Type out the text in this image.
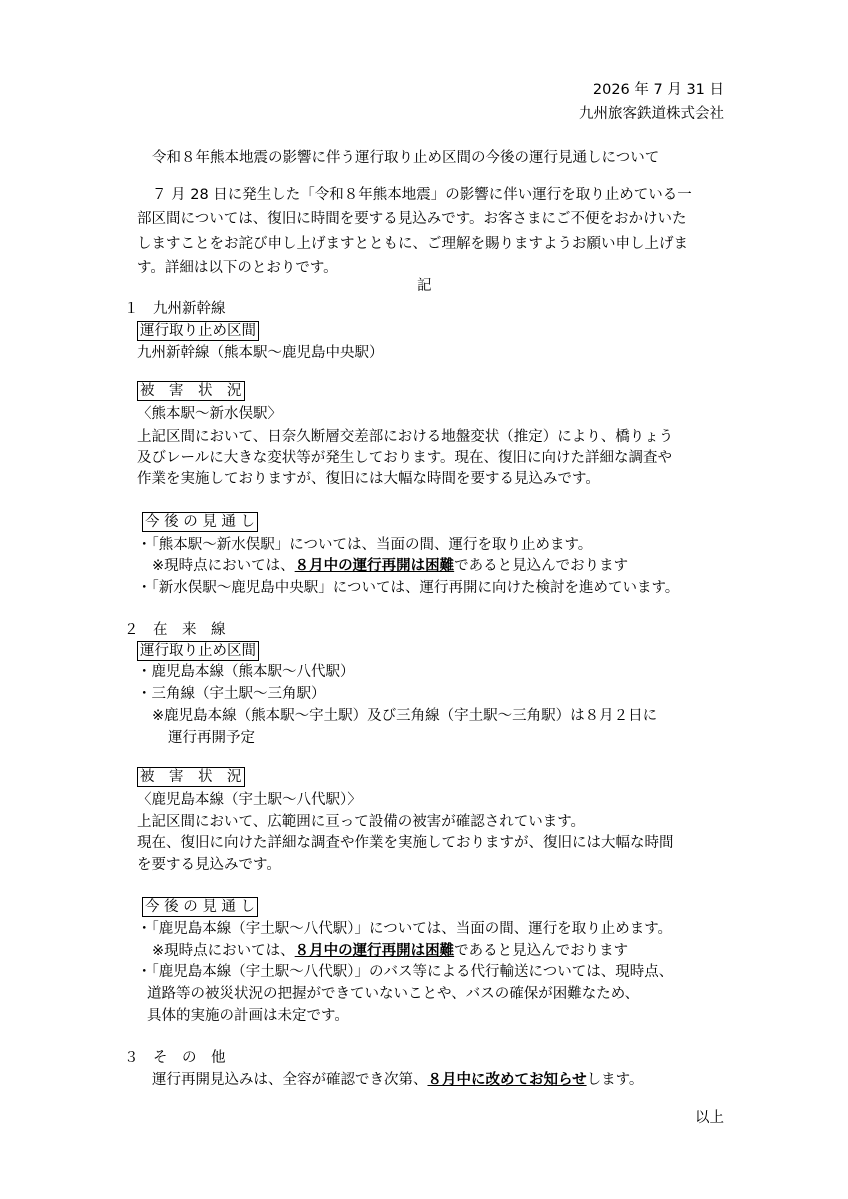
2026 年 7 月 31 日
九州旅客鉄道株式会社
令和８年熊本地震の影響に伴う運行取り止め区間の今後の運行見通しについて
７ 月 28 日に発生した「令和８年熊本地震」の影響に伴い運行を取り止めている一
部区間については、復旧に時間を要する見込みです。お客さまにご不便をおかけいた
しますことをお詫び申し上げますとともに、ご理解を賜りますようお願い申し上げま
す。詳細は以下のとおりです。
記
１　九州新幹線
運行取り止め区間
九州新幹線（熊本駅～鹿児島中央駅）
被　害　状　況
〈熊本駅～新水俣駅〉
上記区間において、日奈久断層交差部における地盤変状（推定）により、橋りょう
及びレールに大きな変状等が発生しております。現在、復旧に向けた詳細な調査や
作業を実施しておりますが、復旧には大幅な時間を要する見込みです。
今 後 の 見 通 し
・「熊本駅～新水俣駅」については、当面の間、運行を取り止めます。
※現時点においては、８月中の運行再開は困難であると見込んでおります
・「新水俣駅～鹿児島中央駅」については、運行再開に向けた検討を進めています。
２　在　来　線
運行取り止め区間
・鹿児島本線（熊本駅～八代駅）
・三角線（宇土駅～三角駅）
※鹿児島本線（熊本駅～宇土駅）及び三角線（宇土駅～三角駅）は８月２日に
運行再開予定
被　害　状　況
〈鹿児島本線（宇土駅～八代駅）〉
上記区間において、広範囲に亘って設備の被害が確認されています。
現在、復旧に向けた詳細な調査や作業を実施しておりますが、復旧には大幅な時間
を要する見込みです。
今 後 の 見 通 し
・「鹿児島本線（宇土駅～八代駅）」については、当面の間、運行を取り止めます。
※現時点においては、８月中の運行再開は困難であると見込んでおります
・「鹿児島本線（宇土駅～八代駅）」のバス等による代行輸送については、現時点、
道路等の被災状況の把握ができていないことや、バスの確保が困難なため、
具体的実施の計画は未定です。
３　そ　の　他
運行再開見込みは、全容が確認でき次第、８月中に改めてお知らせします。
以上
